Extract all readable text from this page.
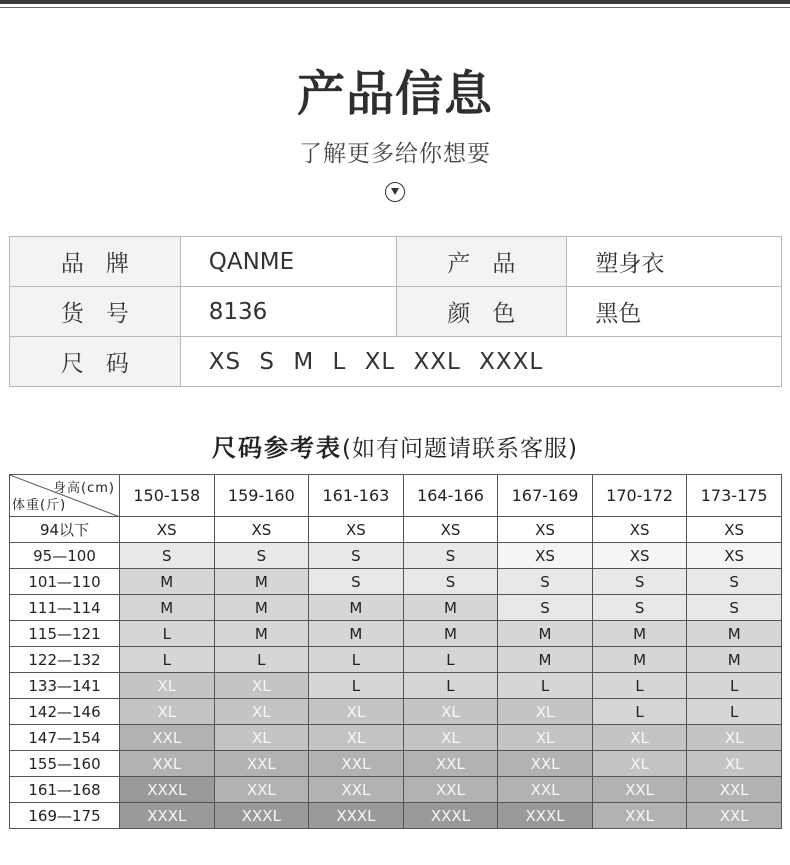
产品信息
了解更多给你想要
品牌	QANME	产品	塑身衣
货号	8136	颜色	黑色
尺码	XS S M L XL XXL XXXL		
尺码参考表(如有问题请联系客服)
身高(cm)
体重(斤)	150-158	159-160	161-163	164-166	167-169	170-172	173-175
94以下	XS	XS	XS	XS	XS	XS	XS
95—100	S	S	S	S	XS	XS	XS
101—110	M	M	S	S	S	S	S
111—114	M	M	M	M	S	S	S
115—121	L	M	M	M	M	M	M
122—132	L	L	L	L	M	M	M
133—141	XL	XL	L	L	L	L	L
142—146	XL	XL	XL	XL	XL	L	L
147—154	XXL	XL	XL	XL	XL	XL	XL
155—160	XXL	XXL	XXL	XXL	XXL	XL	XL
161—168	XXXL	XXL	XXL	XXL	XXL	XXL	XXL
169—175	XXXL	XXXL	XXXL	XXXL	XXXL	XXL	XXL
